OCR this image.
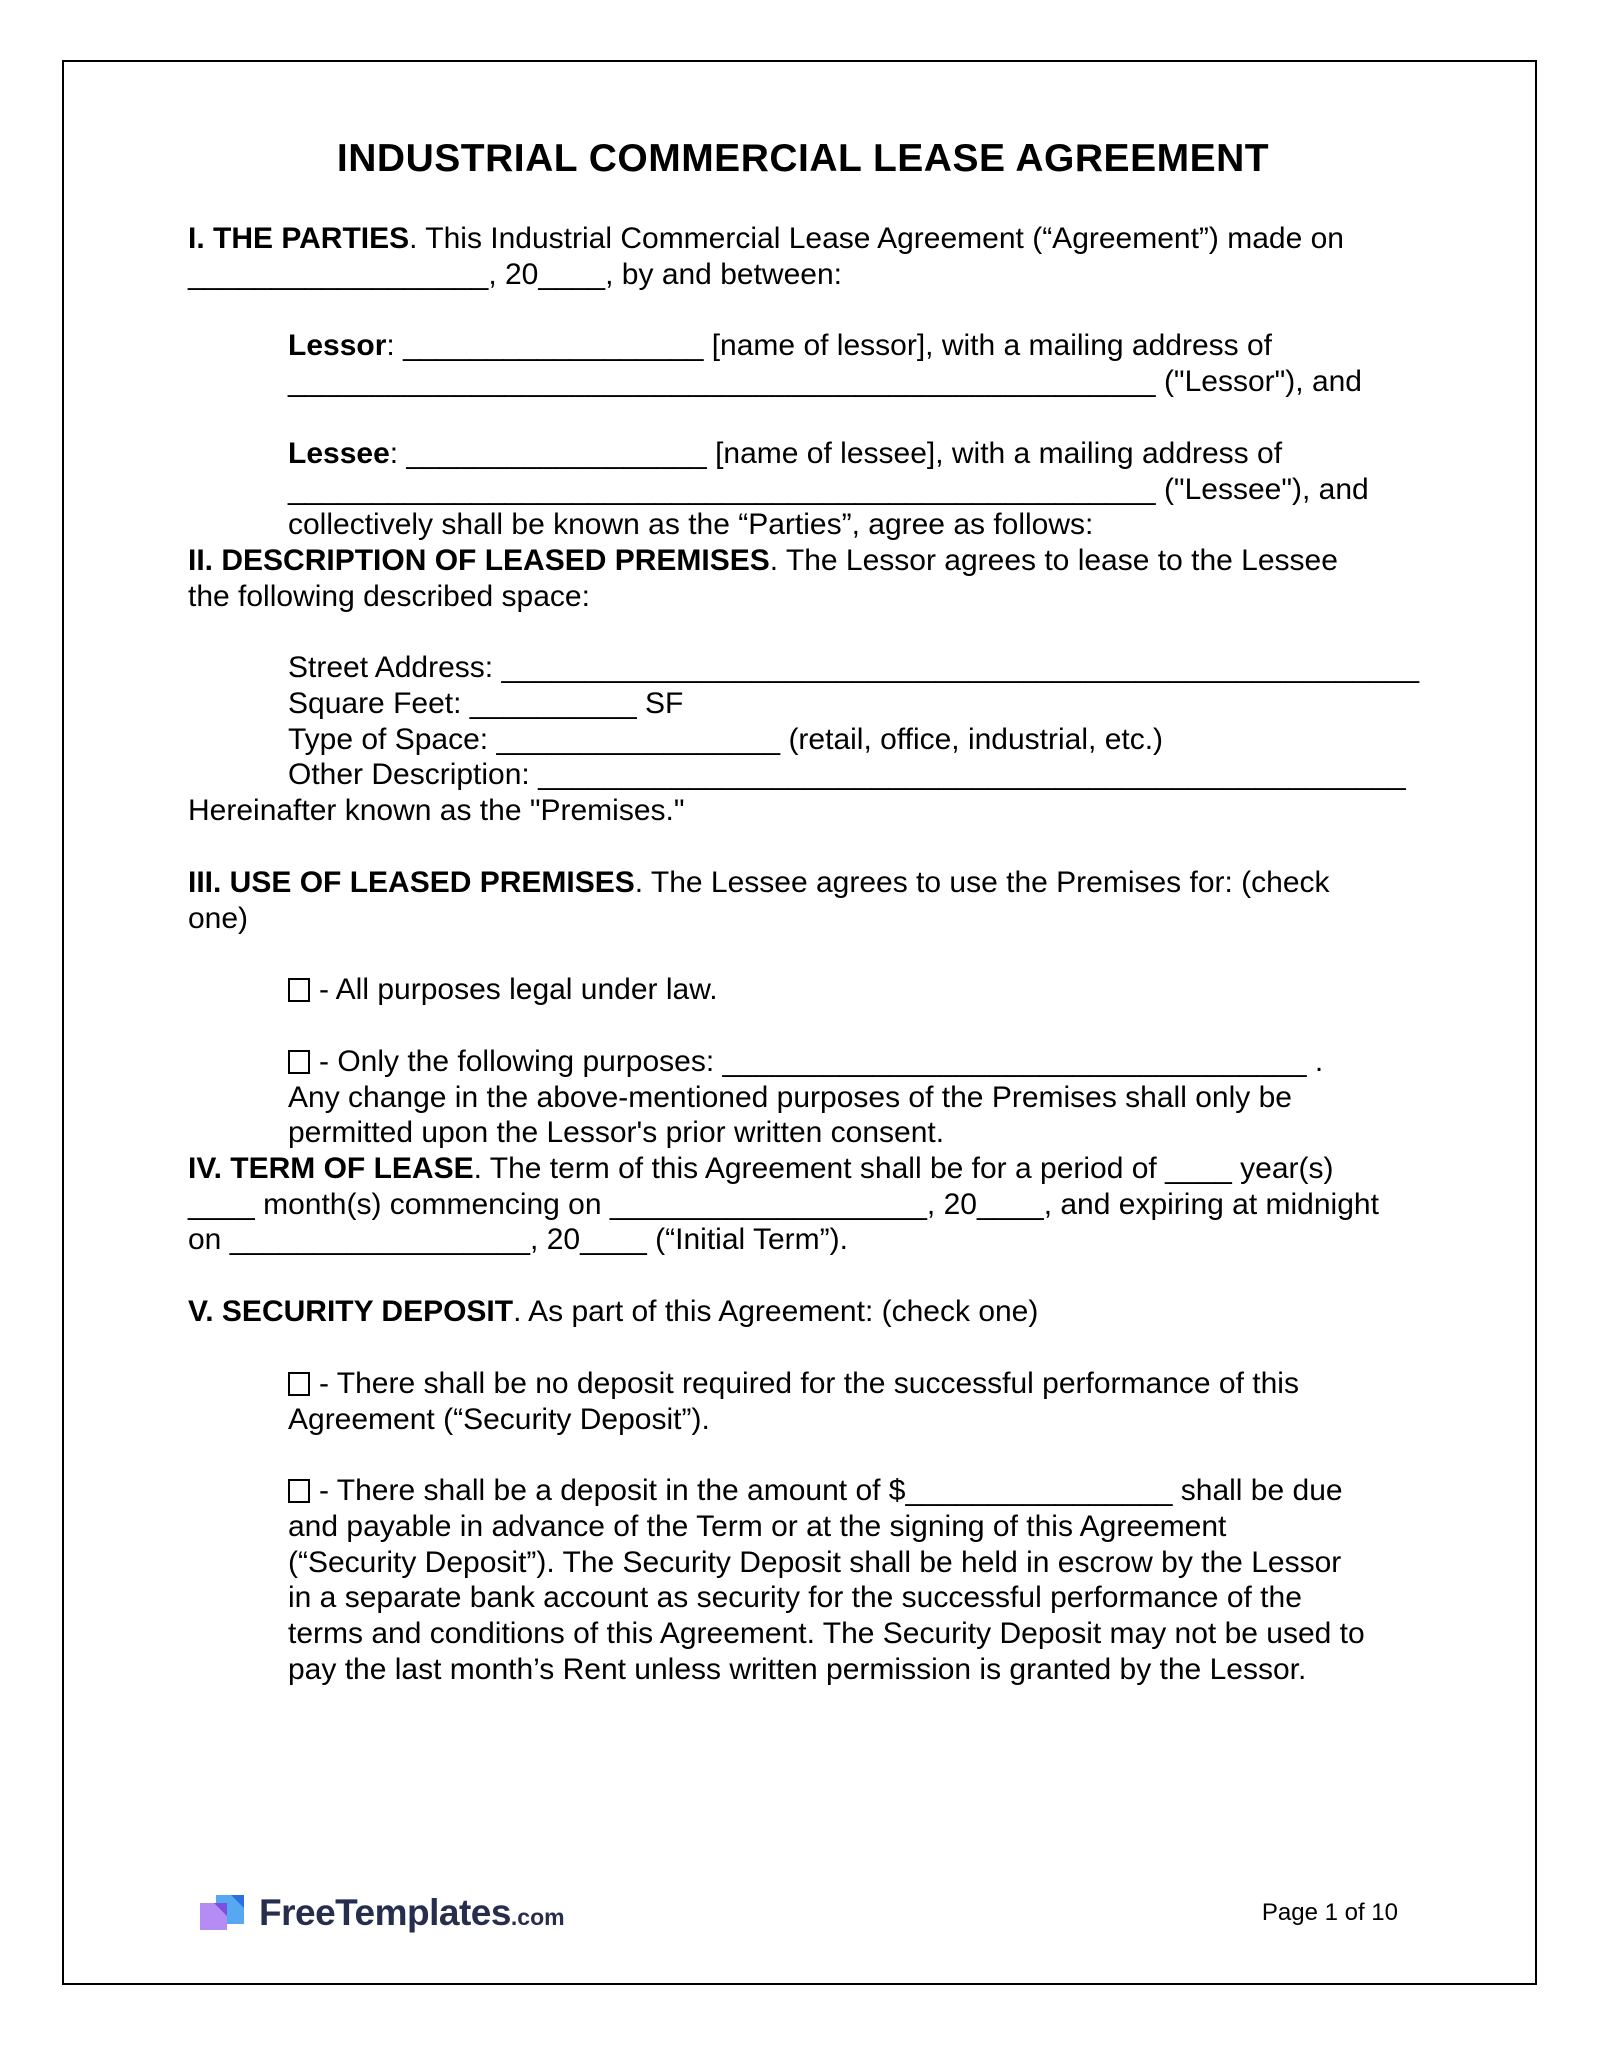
INDUSTRIAL COMMERCIAL LEASE AGREEMENT

I. THE PARTIES. This Industrial Commercial Lease Agreement (“Agreement”) made on
__________________, 20____, by and between:

Lessor: __________________ [name of lessor], with a mailing address of
____________________________________________________ ("Lessor"), and

Lessee: __________________ [name of lessee], with a mailing address of
____________________________________________________ ("Lessee"), and
collectively shall be known as the “Parties”, agree as follows:

II. DESCRIPTION OF LEASED PREMISES. The Lessor agrees to lease to the Lessee
the following described space:

Street Address: _______________________________________________________
Square Feet: __________ SF
Type of Space: _________________ (retail, office, industrial, etc.)
Other Description: ____________________________________________________

Hereinafter known as the "Premises."

III. USE OF LEASED PREMISES. The Lessee agrees to use the Premises for: (check
one)

- All purposes legal under law.

- Only the following purposes: ___________________________________ .
Any change in the above-mentioned purposes of the Premises shall only be
permitted upon the Lessor's prior written consent.

IV. TERM OF LEASE. The term of this Agreement shall be for a period of ____ year(s)
____ month(s) commencing on ___________________, 20____, and expiring at midnight
on __________________, 20____ (“Initial Term”).

V. SECURITY DEPOSIT. As part of this Agreement: (check one)

- There shall be no deposit required for the successful performance of this
Agreement (“Security Deposit”).

- There shall be a deposit in the amount of $________________ shall be due
and payable in advance of the Term or at the signing of this Agreement
(“Security Deposit”). The Security Deposit shall be held in escrow by the Lessor
in a separate bank account as security for the successful performance of the
terms and conditions of this Agreement. The Security Deposit may not be used to
pay the last month’s Rent unless written permission is granted by the Lessor.

FreeTemplates .com	Page 1 of 10
